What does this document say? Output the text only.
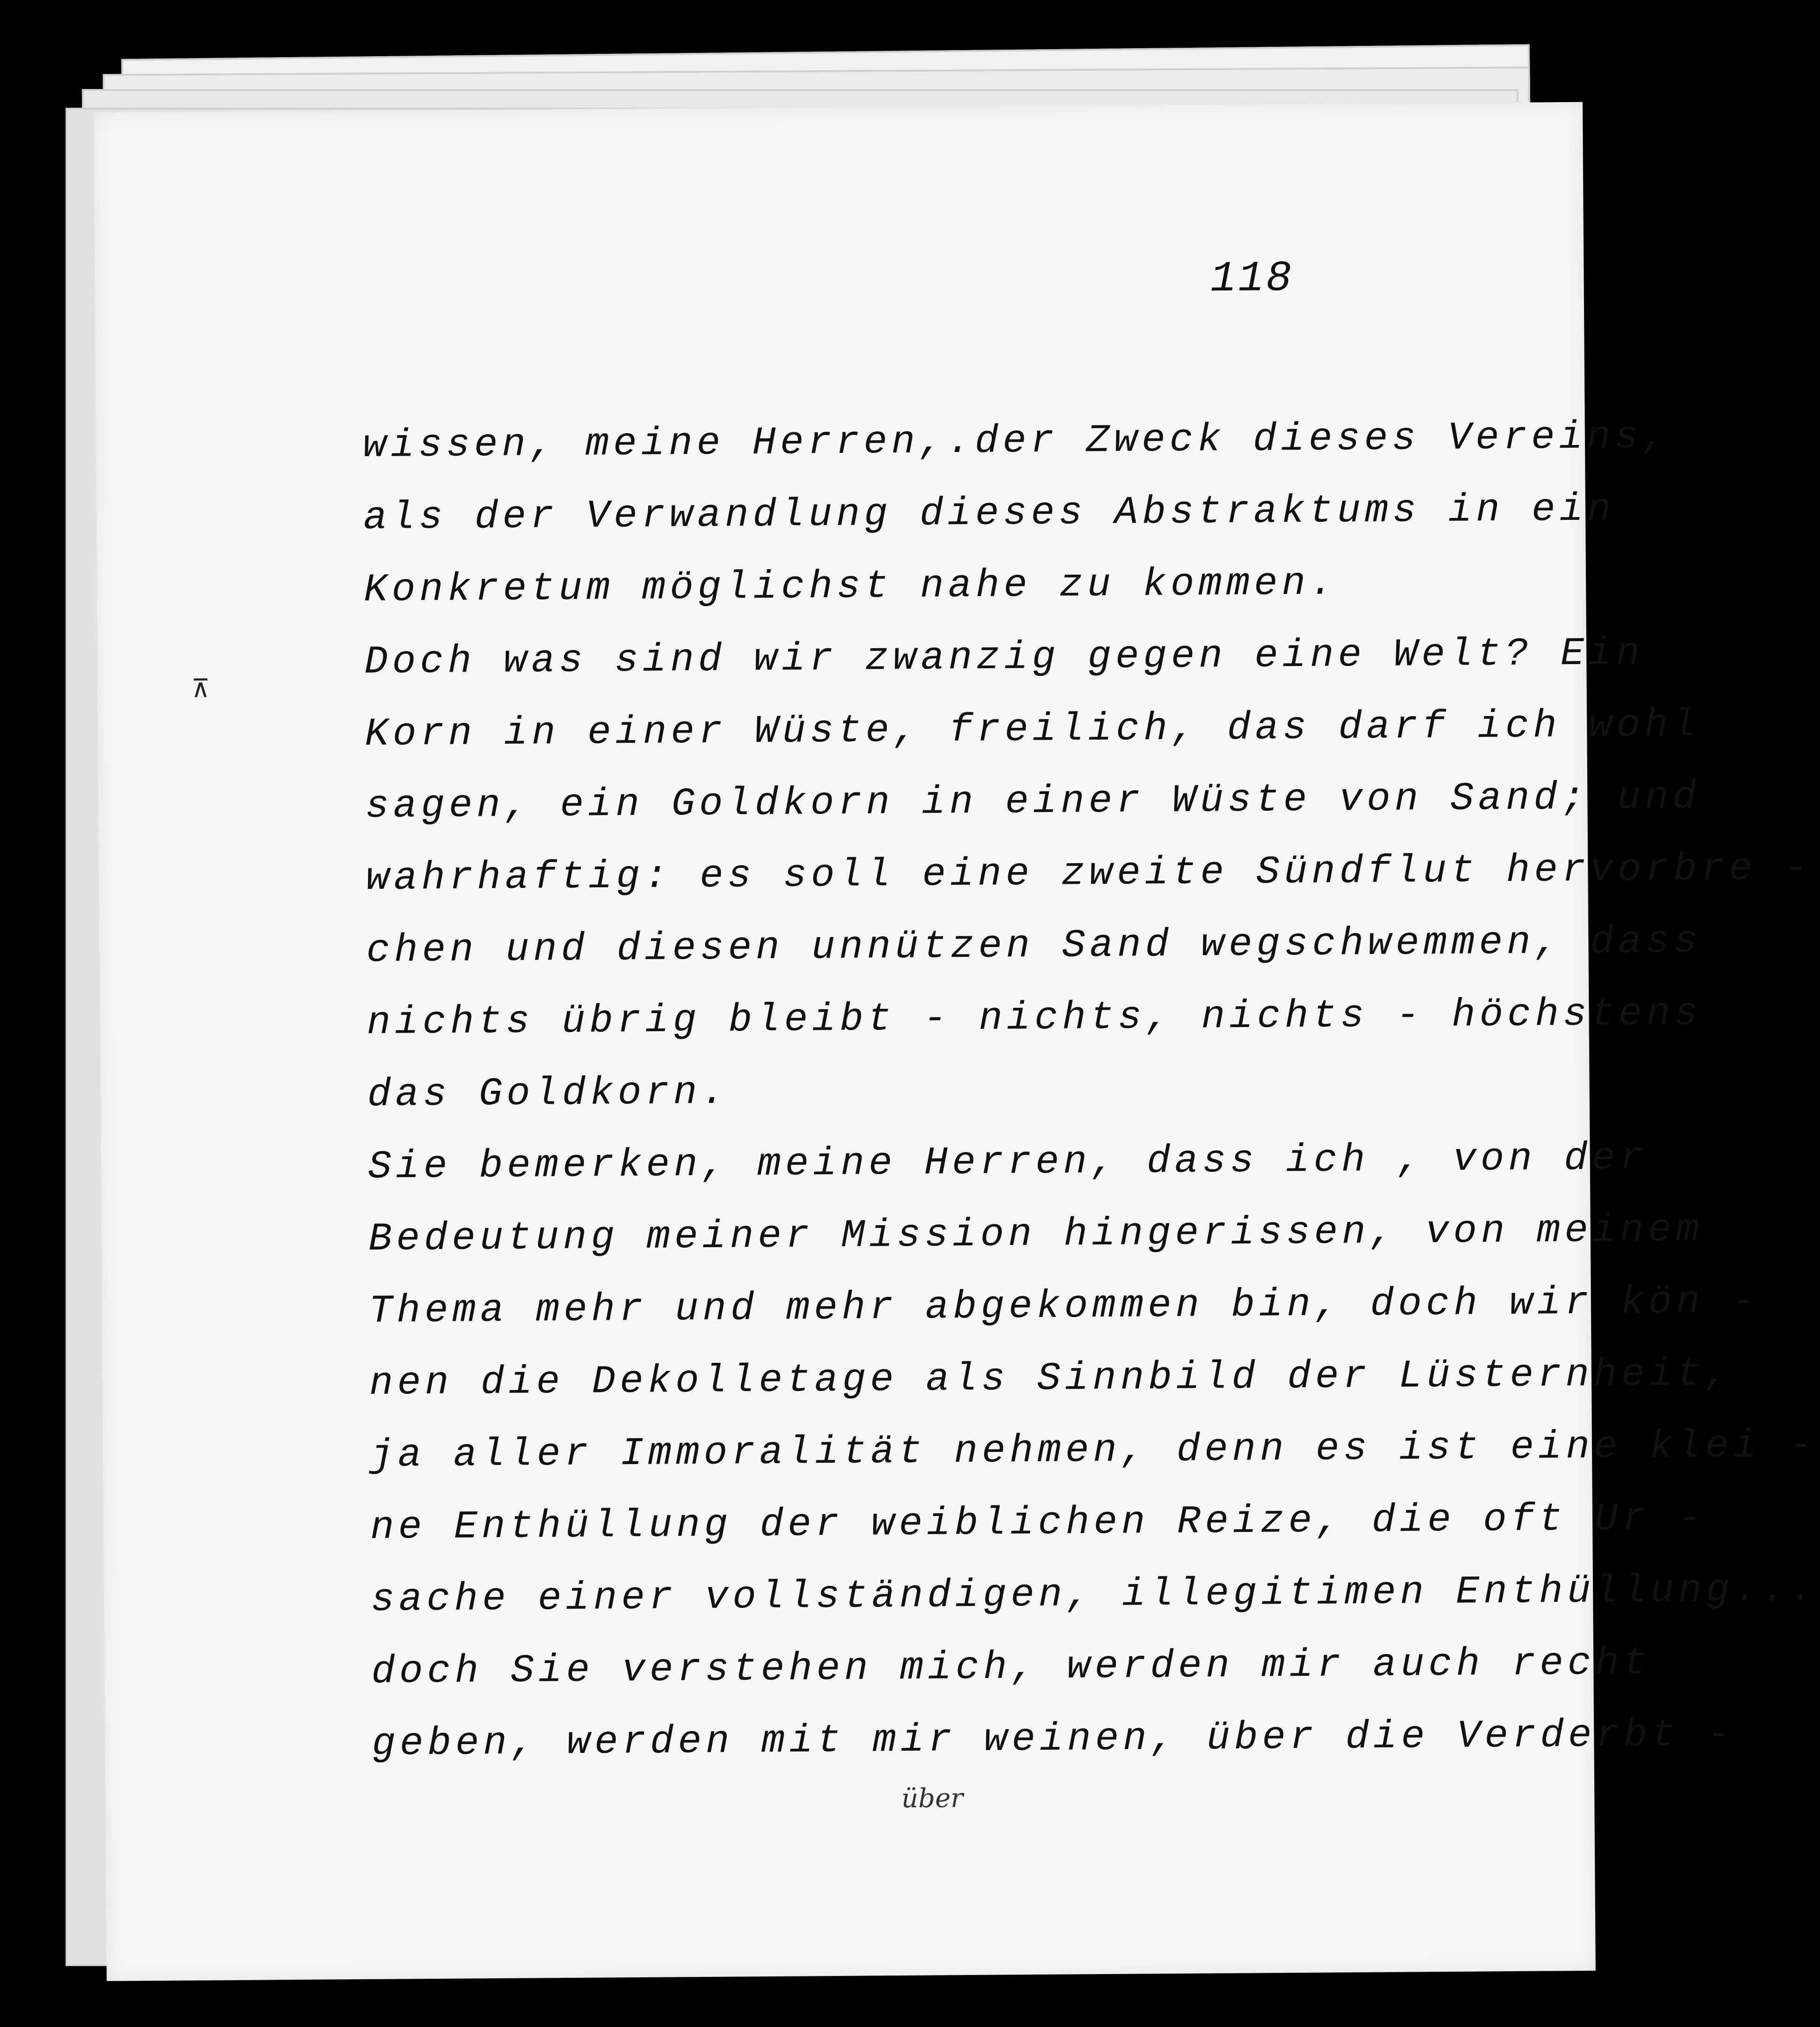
118
⊼
wissen, meine Herren,.der Zweck dieses Vereins,
als der Verwandlung dieses Abstraktums in ein
Konkretum möglichst nahe zu kommen.
Doch was sind wir zwanzig gegen eine Welt? Ein
Korn in einer Wüste, freilich, das darf ich wohl
sagen, ein Goldkorn in einer Wüste von Sand; und
wahrhaftig: es soll eine zweite Sündflut hervorbre -
chen und diesen unnützen Sand wegschwemmen, dass
nichts übrig bleibt - nichts, nichts - höchstens
das Goldkorn.
Sie bemerken, meine Herren, dass ich , von der
Bedeutung meiner Mission hingerissen, von meinem
Thema mehr und mehr abgekommen bin, doch wir kön -
nen die Dekolletage als Sinnbild der Lüsternheit,
ja aller Immoralität nehmen, denn es ist eine klei -
ne Enthüllung der weiblichen Reize, die oft Ur -
sache einer vollständigen, illegitimen Enthüllung...
doch Sie verstehen mich, werden mir auch recht
geben, werden mit mir weinen, über die Verderbt -
über
